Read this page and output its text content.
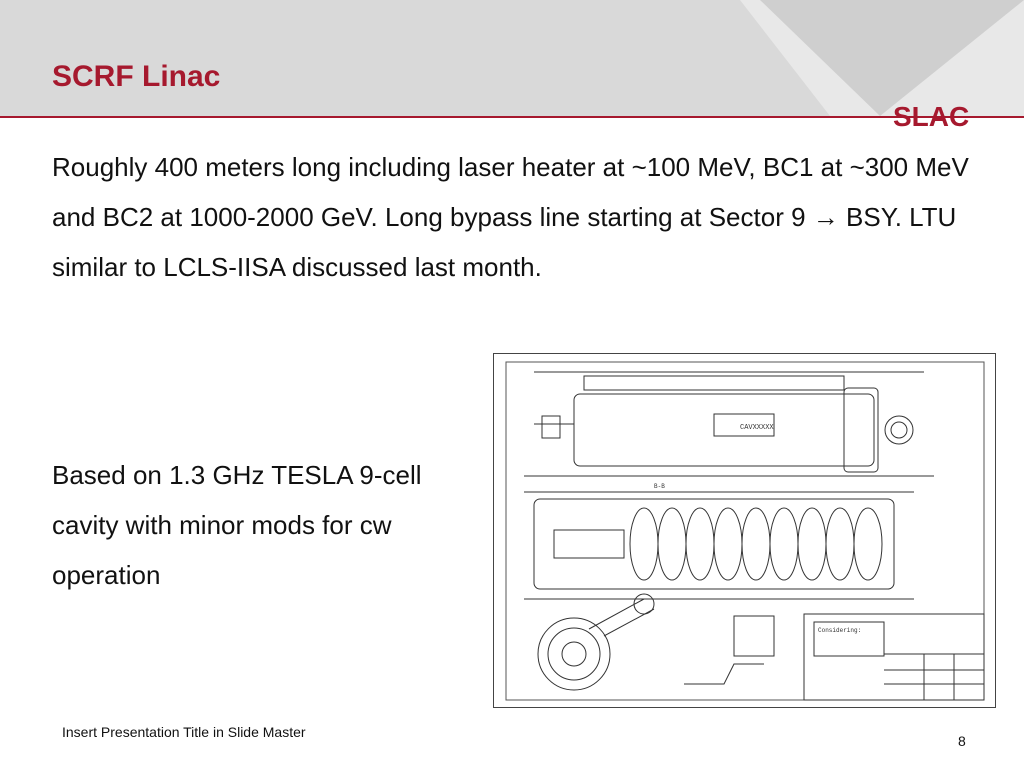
SCRF Linac
SLAC
Roughly 400 meters long including laser heater at ~100 MeV, BC1 at ~300 MeV and BC2 at 1000-2000 GeV. Long bypass line starting at Sector 9 → BSY. LTU similar to LCLS-IISA discussed last month.
Based on 1.3 GHz TESLA 9-cell cavity with minor mods for cw operation
CAVXXXXX
B-B
Considering:
Insert Presentation Title in Slide Master
8
